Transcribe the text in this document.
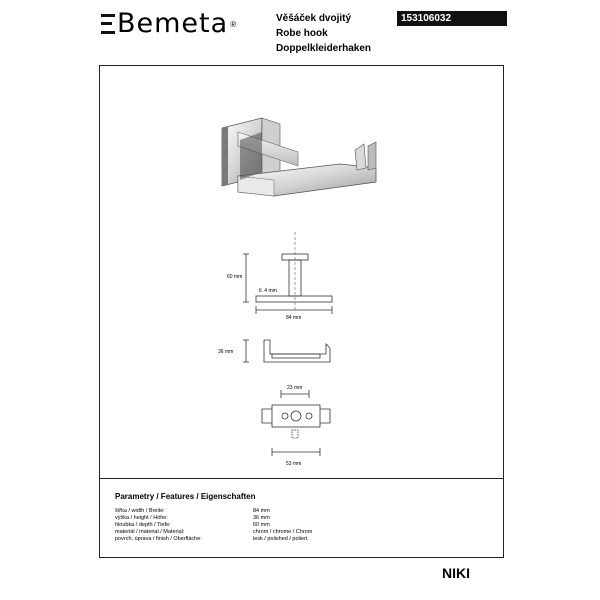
Bemeta ®	Věšáček dvojitý
Robe hook
Doppelkleiderhaken
153106032
60 mm
tl. 4 mm
84 mm
36 mm
23 mm
53 mm
Parametry / Features / Eigenschaften
šířka / width / Breite:	84 mm
výška / height / Höhe:	36 mm
hloubka / depth / Tiefe:	60 mm
materiál / material / Material:	chrom / chrome / Chrom
povrch. úprava / finish / Oberfläche:	lesk / polished / poliert
NIKI
